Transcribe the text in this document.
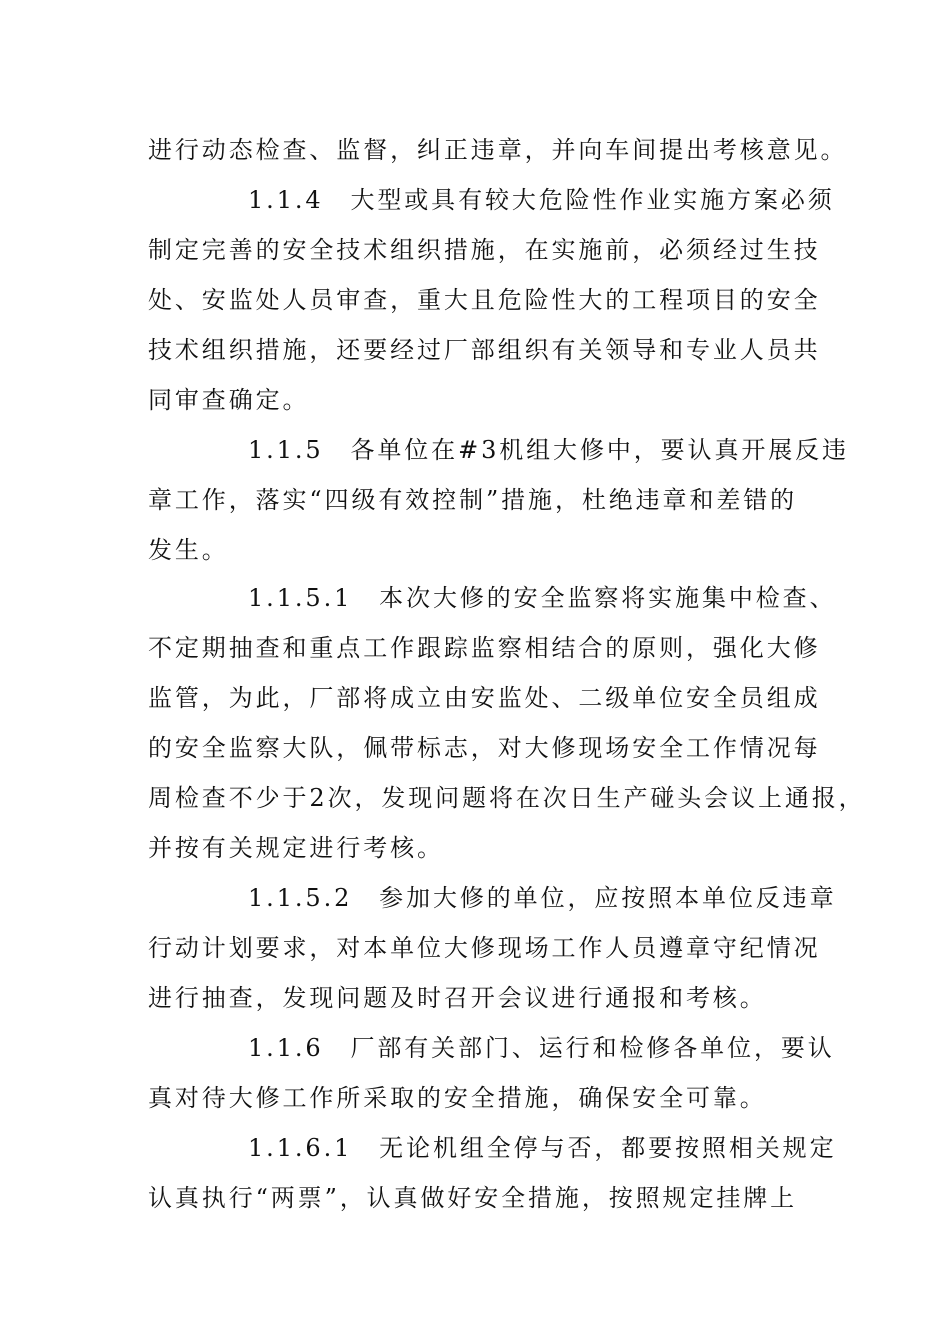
进行动态检查、监督，纠正违章，并向车间提出考核意见。
1.1.4　大型或具有较大危险性作业实施方案必须
制定完善的安全技术组织措施，在实施前，必须经过生技
处、安监处人员审查，重大且危险性大的工程项目的安全
技术组织措施，还要经过厂部组织有关领导和专业人员共
同审查确定。
1.1.5　各单位在#3机组大修中，要认真开展反违
章工作，落实“四级有效控制”措施，杜绝违章和差错的
发生。
1.1.5.1　本次大修的安全监察将实施集中检查、
不定期抽查和重点工作跟踪监察相结合的原则，强化大修
监管，为此，厂部将成立由安监处、二级单位安全员组成
的安全监察大队，佩带标志，对大修现场安全工作情况每
周检查不少于2次，发现问题将在次日生产碰头会议上通报，
并按有关规定进行考核。
1.1.5.2　参加大修的单位，应按照本单位反违章
行动计划要求，对本单位大修现场工作人员遵章守纪情况
进行抽查，发现问题及时召开会议进行通报和考核。
1.1.6　厂部有关部门、运行和检修各单位，要认
真对待大修工作所采取的安全措施，确保安全可靠。
1.1.6.1　无论机组全停与否，都要按照相关规定
认真执行“两票”，认真做好安全措施，按照规定挂牌上
